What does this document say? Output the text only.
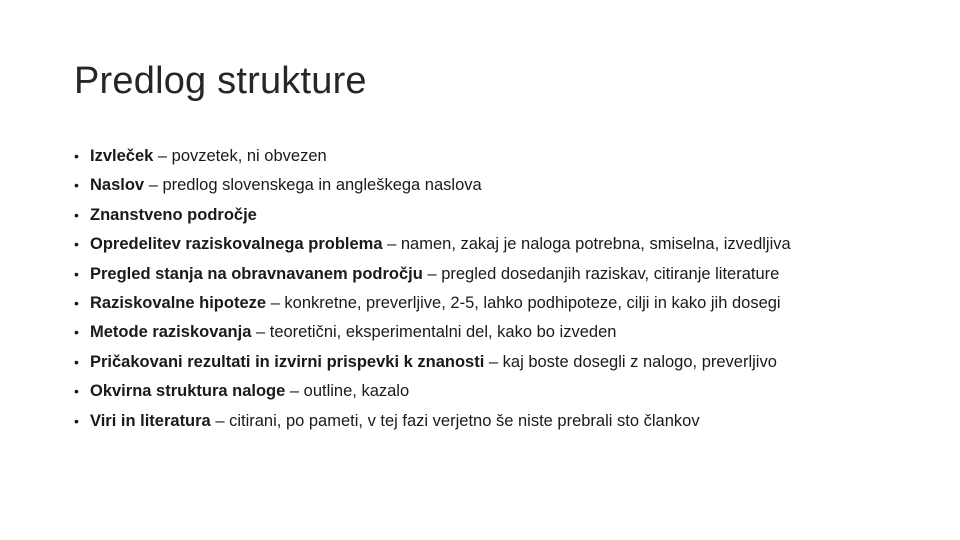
Predlog strukture
• Izvleček – povzetek, ni obvezen
• Naslov – predlog slovenskega in angleškega naslova
• Znanstveno področje
• Opredelitev raziskovalnega problema – namen, zakaj je naloga potrebna, smiselna, izvedljiva
• Pregled stanja na obravnavanem področju – pregled dosedanjih raziskav, citiranje literature
• Raziskovalne hipoteze – konkretne, preverljive, 2-5, lahko podhipoteze, cilji in kako jih dosegi
• Metode raziskovanja – teoretični, eksperimentalni del, kako bo izveden
• Pričakovani rezultati in izvirni prispevki k znanosti – kaj boste dosegli z nalogo, preverljivo
• Okvirna struktura naloge – outline, kazalo
• Viri in literatura – citirani, po pameti, v tej fazi verjetno še niste prebrali sto člankov
